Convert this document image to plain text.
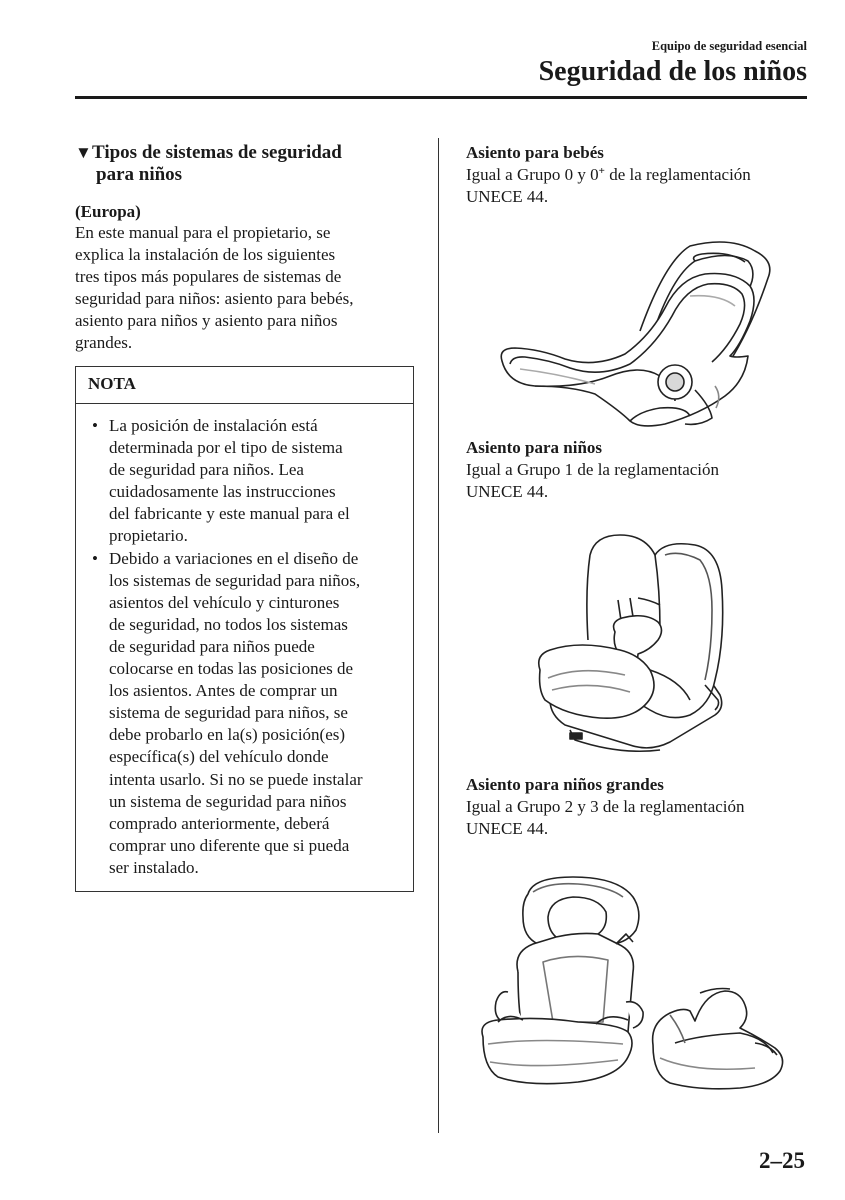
Equipo de seguridad esencial
Seguridad de los niños
▼Tipos de sistemas de seguridad
para niños
(Europa)
En este manual para el propietario, se
explica la instalación de los siguientes
tres tipos más populares de sistemas de
seguridad para niños: asiento para bebés,
asiento para niños y asiento para niños
grandes.
NOTA
• La posición de instalación está
determinada por el tipo de sistema
de seguridad para niños. Lea
cuidadosamente las instrucciones
del fabricante y este manual para el
propietario.
• Debido a variaciones en el diseño de
los sistemas de seguridad para niños,
asientos del vehículo y cinturones
de seguridad, no todos los sistemas
de seguridad para niños puede
colocarse en todas las posiciones de
los asientos. Antes de comprar un
sistema de seguridad para niños, se
debe probarlo en la(s) posición(es)
específica(s) del vehículo donde
intenta usarlo. Si no se puede instalar
un sistema de seguridad para niños
comprado anteriormente, deberá
comprar uno diferente que si pueda
ser instalado.
Asiento para bebés
Igual a Grupo 0 y 0+ de la reglamentación
UNECE 44.
Asiento para niños
Igual a Grupo 1 de la reglamentación
UNECE 44.
Asiento para niños grandes
Igual a Grupo 2 y 3 de la reglamentación
UNECE 44.
2–25
